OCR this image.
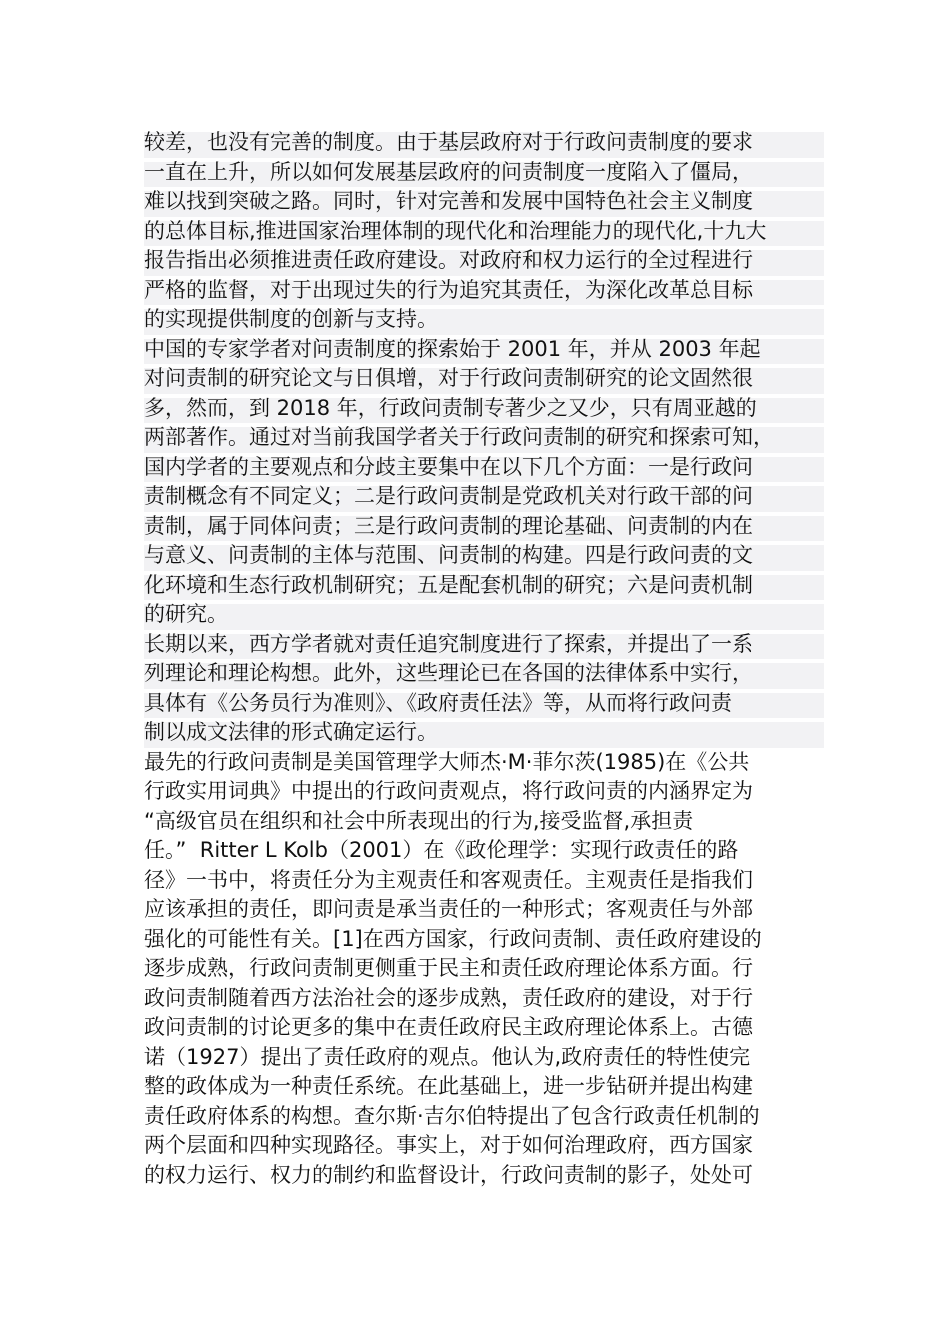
较差，也没有完善的制度。由于基层政府对于行政问责制度的要求
一直在上升，所以如何发展基层政府的问责制度一度陷入了僵局，
难以找到突破之路。同时，针对完善和发展中国特色社会主义制度
的总体目标,推进国家治理体制的现代化和治理能力的现代化,十九大
报告指出必须推进责任政府建设。对政府和权力运行的全过程进行
严格的监督，对于出现过失的行为追究其责任，为深化改革总目标
的实现提供制度的创新与支持。
中国的专家学者对问责制度的探索始于 2001 年，并从 2003 年起
对问责制的研究论文与日俱增，对于行政问责制研究的论文固然很
多，然而，到 2018 年，行政问责制专著少之又少，只有周亚越的
两部著作。通过对当前我国学者关于行政问责制的研究和探索可知，
国内学者的主要观点和分歧主要集中在以下几个方面：一是行政问
责制概念有不同定义；二是行政问责制是党政机关对行政干部的问
责制，属于同体问责；三是行政问责制的理论基础、问责制的内在
与意义、问责制的主体与范围、问责制的构建。四是行政问责的文
化环境和生态行政机制研究；五是配套机制的研究；六是问责机制
的研究。
长期以来，西方学者就对责任追究制度进行了探索，并提出了一系
列理论和理论构想。此外，这些理论已在各国的法律体系中实行，
具体有《公务员行为准则》、《政府责任法》等，从而将行政问责
制以成文法律的形式确定运行。
最先的行政问责制是美国管理学大师杰·M·菲尔茨(1985)在《公共
行政实用词典》中提出的行政问责观点，将行政问责的内涵界定为
“高级官员在组织和社会中所表现出的行为,接受监督,承担责
任。”  Ritter L Kolb（2001）在《政伦理学：实现行政责任的路
径》一书中，将责任分为主观责任和客观责任。主观责任是指我们
应该承担的责任，即问责是承当责任的一种形式；客观责任与外部
强化的可能性有关。[1]在西方国家，行政问责制、责任政府建设的
逐步成熟，行政问责制更侧重于民主和责任政府理论体系方面。行
政问责制随着西方法治社会的逐步成熟，责任政府的建设，对于行
政问责制的讨论更多的集中在责任政府民主政府理论体系上。古德
诺（1927）提出了责任政府的观点。他认为,政府责任的特性使完
整的政体成为一种责任系统。在此基础上，进一步钻研并提出构建
责任政府体系的构想。查尔斯·吉尔伯特提出了包含行政责任机制的
两个层面和四种实现路径。事实上，对于如何治理政府，西方国家
的权力运行、权力的制约和监督设计，行政问责制的影子，处处可
